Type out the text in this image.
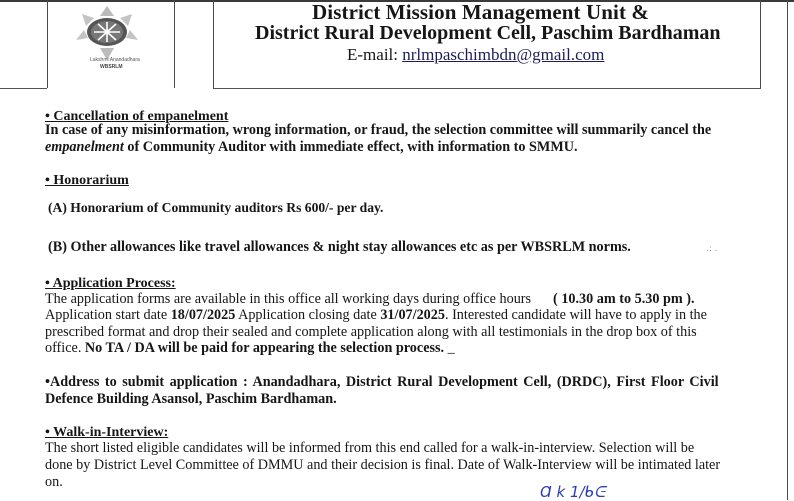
Lakshmi Anandadhara
WBSRLM
District Mission Management Unit &
District Rural Development Cell, Paschim Bardhaman
E-mail: nrlmpaschimbdn@gmail.com
• Cancellation of empanelment
In case of any misinformation, wrong information, or fraud, the selection committee will summarily cancel the
empanelment of Community Auditor with immediate effect, with information to SMMU.
• Honorarium
(A) Honorarium of Community auditors Rs 600/- per day.
(B) Other allowances like travel allowances & night stay allowances etc as per WBSRLM norms.	.: .
• Application Process:
The application forms are available in this office all working days during office hours ( 10.30 am to 5.30 pm ).
Application start date 18/07/2025 Application closing date 31/07/2025. Interested candidate will have to apply in the
prescribed format and drop their sealed and complete application along with all testimonials in the drop box of this
office. No TA / DA will be paid for appearing the selection process. _
•Address to submit application : Anandadhara, District Rural Development Cell, (DRDC), First Floor Civil
Defence Building Asansol, Paschim Bardhaman.
• Walk-in-Interview:
The short listed eligible candidates will be informed from this end called for a walk-in-interview. Selection will be
done by District Level Committee of DMMU and their decision is final. Date of Walk-Interview will be intimated later
on.
Ɑ k 1/ᑲᕮ
